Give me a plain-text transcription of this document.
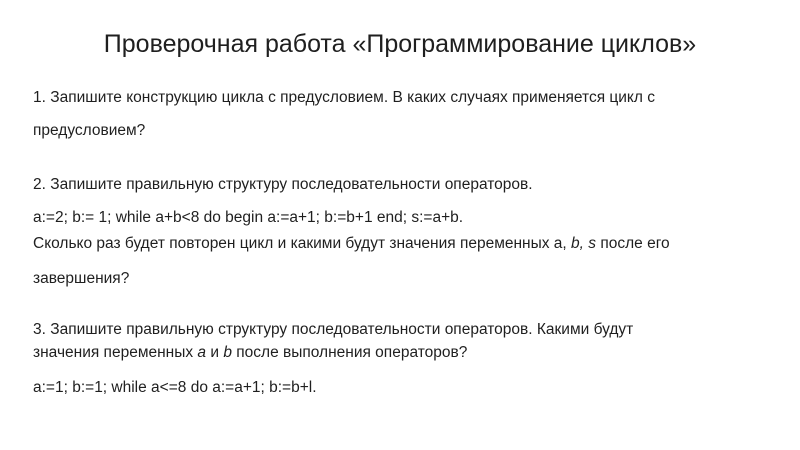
Проверочная работа «Программирование циклов»
1. Запишите конструкцию цикла с предусловием. В каких случаях применяется цикл с
предусловием?
2. Запишите правильную структуру последовательности операторов.
a:=2; b:= 1; while a+b<8 do begin a:=a+1; b:=b+1 end; s:=a+b.
Сколько раз будет повторен цикл и какими будут значения переменных a, b, s после его
завершения?
3. Запишите правильную структуру последовательности операторов. Какими будут
значения переменных a и b после выполнения операторов?
a:=1; b:=1; while a<=8 do a:=a+1; b:=b+l.
